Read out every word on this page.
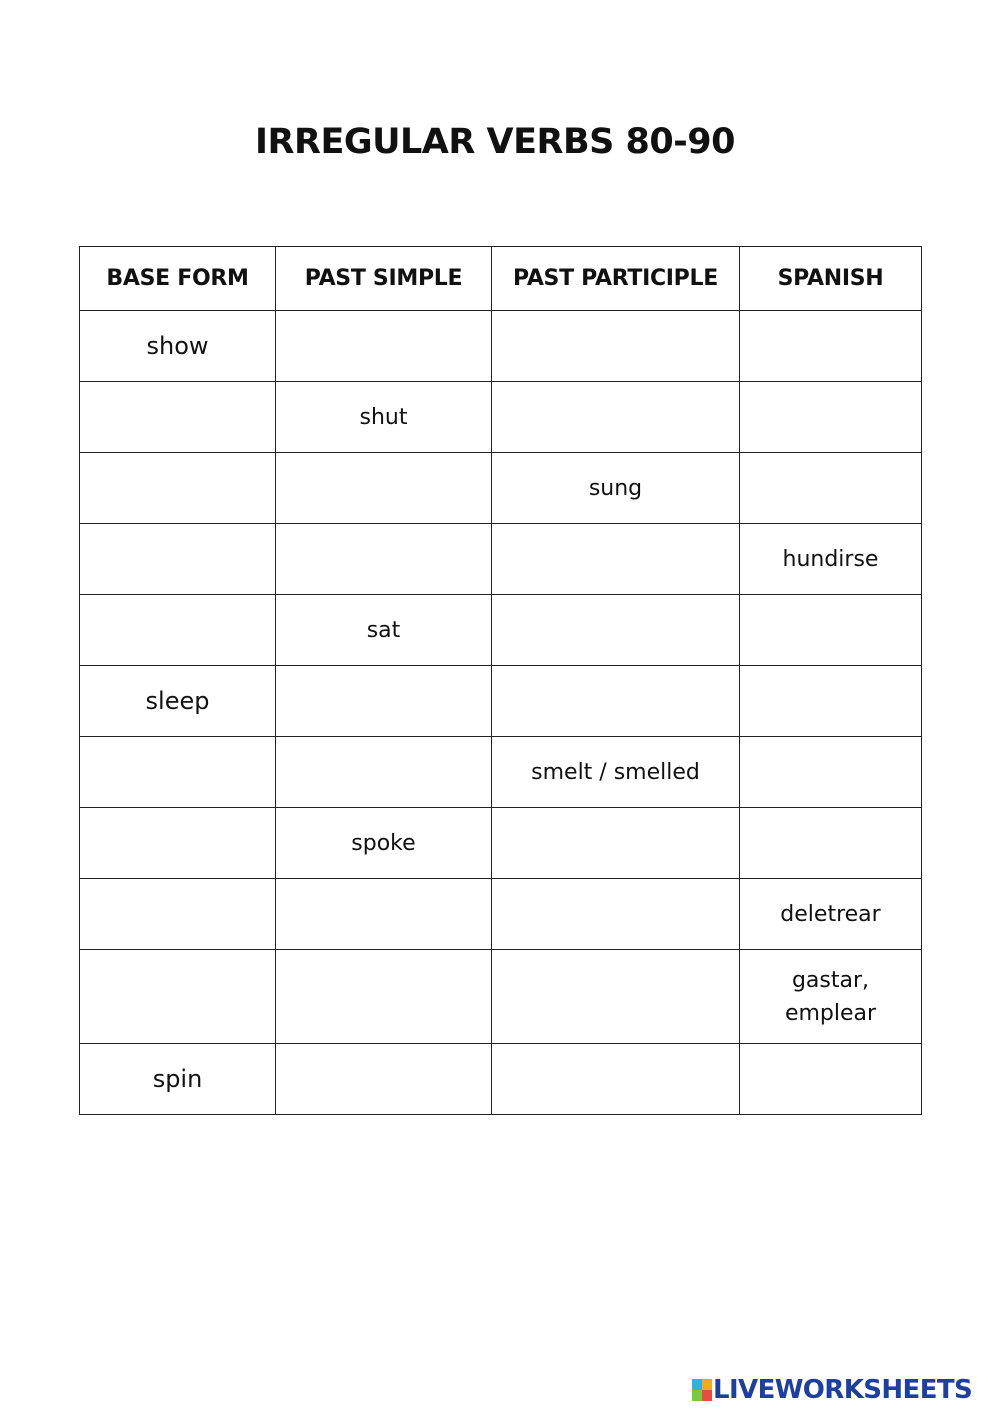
IRREGULAR VERBS 80-90
BASE FORM	PAST SIMPLE	PAST PARTICIPLE	SPANISH
show			
	shut		
		sung	
			hundirse
	sat		
sleep			
		smelt / smelled	
	spoke		
			deletrear
			gastar, emplear
spin			
LIVEWORKSHEETS
